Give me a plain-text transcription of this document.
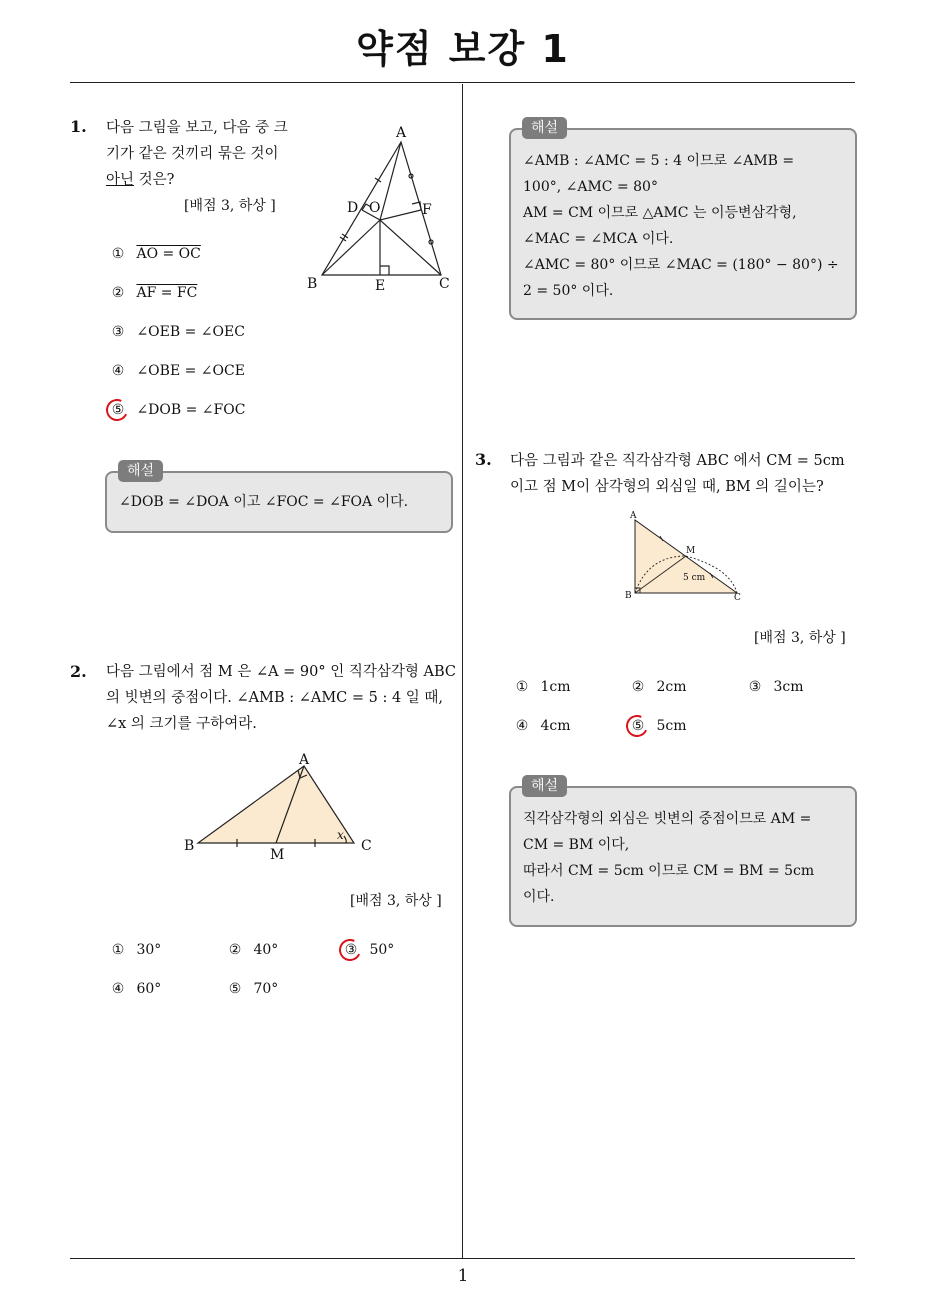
약점 보강 1
1
1. 다음 그림을 보고, 다음 중 크
기가 같은 것끼리 묶은 것이
아닌 것은?
[배점 3, 하상 ]
A
B	C
D
E
F
O
① AO = OC
② AF = FC
③ ∠OEB = ∠OEC
④ ∠OBE = ∠OCE
⑤ ∠DOB = ∠FOC
∠DOB = ∠DOA 이고 ∠FOC = ∠FOA 이다.
해설
2. 다음 그림에서 점 M 은 ∠A = 90° 인 직각삼각형 ABC
의 빗변의 중점이다. ∠AMB : ∠AMC = 5 : 4 일 때,
∠x 의 크기를 구하여라.
A
B	C
M
x
[배점 3, 하상 ]
① 30°	② 40°	③ 50°
④ 60°	⑤ 70°
∠AMB : ∠AMC = 5 : 4 이므로 ∠AMB =
100°, ∠AMC = 80°
AM = CM 이므로 △AMC 는 이등변삼각형,
∠MAC = ∠MCA 이다.
∠AMC = 80° 이므로 ∠MAC = (180° − 80°) ÷
2 = 50° 이다.
해설
3. 다음 그림과 같은 직각삼각형 ABC 에서 CM = 5cm
이고 점 M이 삼각형의 외심일 때, BM 의 길이는?
A
B	C
M
5 cm
[배점 3, 하상 ]
① 1cm	② 2cm	③ 3cm
④ 4cm	⑤ 5cm
직각삼각형의 외심은 빗변의 중점이므로 AM =
CM = BM 이다,
따라서 CM = 5cm 이므로 CM = BM = 5cm
이다.
해설
